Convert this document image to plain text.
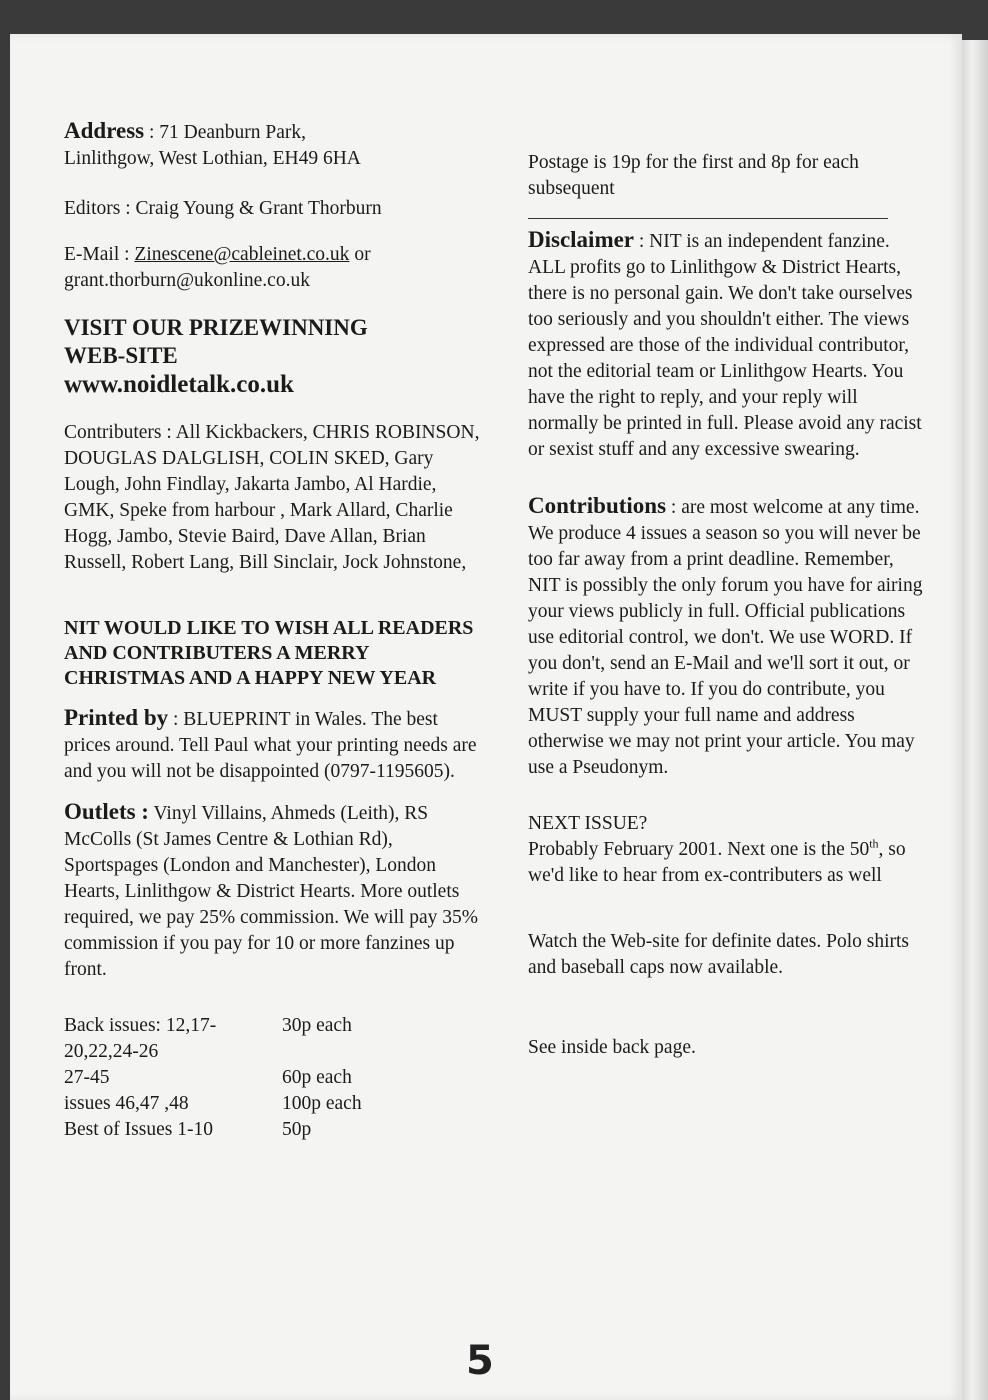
Address : 71 Deanburn Park,

Linlithgow, West Lothian, EH49 6HA

Editors : Craig Young & Grant Thorburn

E-Mail : Zinescene@cableinet.co.uk or

grant.thorburn@ukonline.co.uk

VISIT OUR PRIZEWINNING

WEB-SITE

www.noidletalk.co.uk

Contributers : All Kickbackers, CHRIS ROBINSON, DOUGLAS DALGLISH, COLIN SKED, Gary Lough, John Findlay, Jakarta Jambo, Al Hardie, GMK, Speke from harbour , Mark Allard, Charlie Hogg, Jambo, Stevie Baird, Dave Allan, Brian Russell, Robert Lang, Bill Sinclair, Jock Johnstone,

NIT WOULD LIKE TO WISH ALL READERS AND CONTRIBUTERS A MERRY CHRISTMAS AND A HAPPY NEW YEAR

Printed by : BLUEPRINT in Wales. The best prices around. Tell Paul what your printing needs are and you will not be disappointed (0797-1195605).

Outlets : Vinyl Villains, Ahmeds (Leith), RS McColls (St James Centre & Lothian Rd), Sportspages (London and Manchester), London Hearts, Linlithgow & District Hearts. More outlets required, we pay 25% commission. We will pay 35% commission if you pay for 10 or more fanzines up front.

Back issues: 12,17-20,22,24-26	30p each
27-45	60p each
issues 46,47 ,48	100p each
Best of Issues 1-10	50p

Postage is 19p for the first and 8p for each subsequent

Disclaimer : NIT is an independent fanzine. ALL profits go to Linlithgow & District Hearts, there is no personal gain. We don't take ourselves too seriously and you shouldn't either. The views expressed are those of the individual contributor, not the editorial team or Linlithgow Hearts. You have the right to reply, and your reply will normally be printed in full. Please avoid any racist or sexist stuff and any excessive swearing.

Contributions : are most welcome at any time. We produce 4 issues a season so you will never be too far away from a print deadline. Remember, NIT is possibly the only forum you have for airing your views publicly in full. Official publications use editorial control, we don't. We use WORD. If you don't, send an E-Mail and we'll sort it out, or write if you have to. If you do contribute, you MUST supply your full name and address otherwise we may not print your article. You may use a Pseudonym.

NEXT ISSUE?

Probably February 2001. Next one is the 50th, so we'd like to hear from ex-contributers as well

Watch the Web-site for definite dates. Polo shirts and baseball caps now available.

See inside back page.

5
